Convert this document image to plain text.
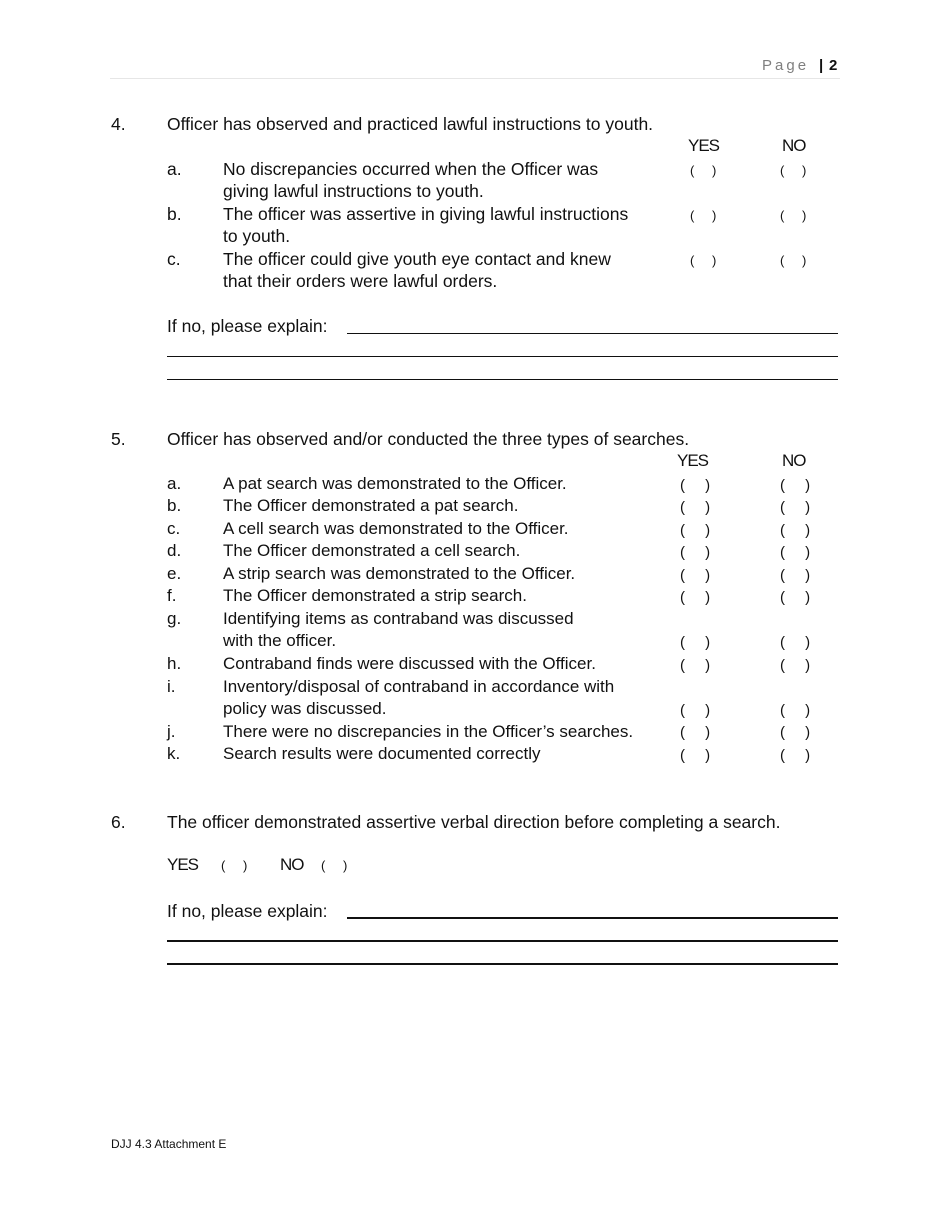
Page | 2
4. Officer has observed and practiced lawful instructions to youth.
YES	NO
a. No discrepancies occurred when the Officer was
giving lawful instructions to youth.
( )	( )
b. The officer was assertive in giving lawful instructions
to youth.
( )	( )
c. The officer could give youth eye contact and knew
that their orders were lawful orders.
( )	( )
If no, please explain:
5. Officer has observed and/or conducted the three types of searches.
YES	NO
a. A pat search was demonstrated to the Officer.	( )	( )
b. The Officer demonstrated a pat search.	( )	( )
c.	A cell search was demonstrated to the Officer.	( )	( )
d. The Officer demonstrated a cell search.	( )	( )
e. A strip search was demonstrated to the Officer.	( )	( )
f.	The Officer demonstrated a strip search.	( )	( )
g. Identifying items as contraband was discussed
with the officer.	( )	( )
h. Contraband finds were discussed with the Officer.	( )	( )
i.	Inventory/disposal of contraband in accordance with
policy was discussed.	( )	( )
j.	There were no discrepancies in the Officer’s searches.	( )	( )
k.	Search results were documented correctly	( )	( )
6. The officer demonstrated assertive verbal direction before completing a search.
YES ( ) NO ( )
If no, please explain:
DJJ 4.3 Attachment E
